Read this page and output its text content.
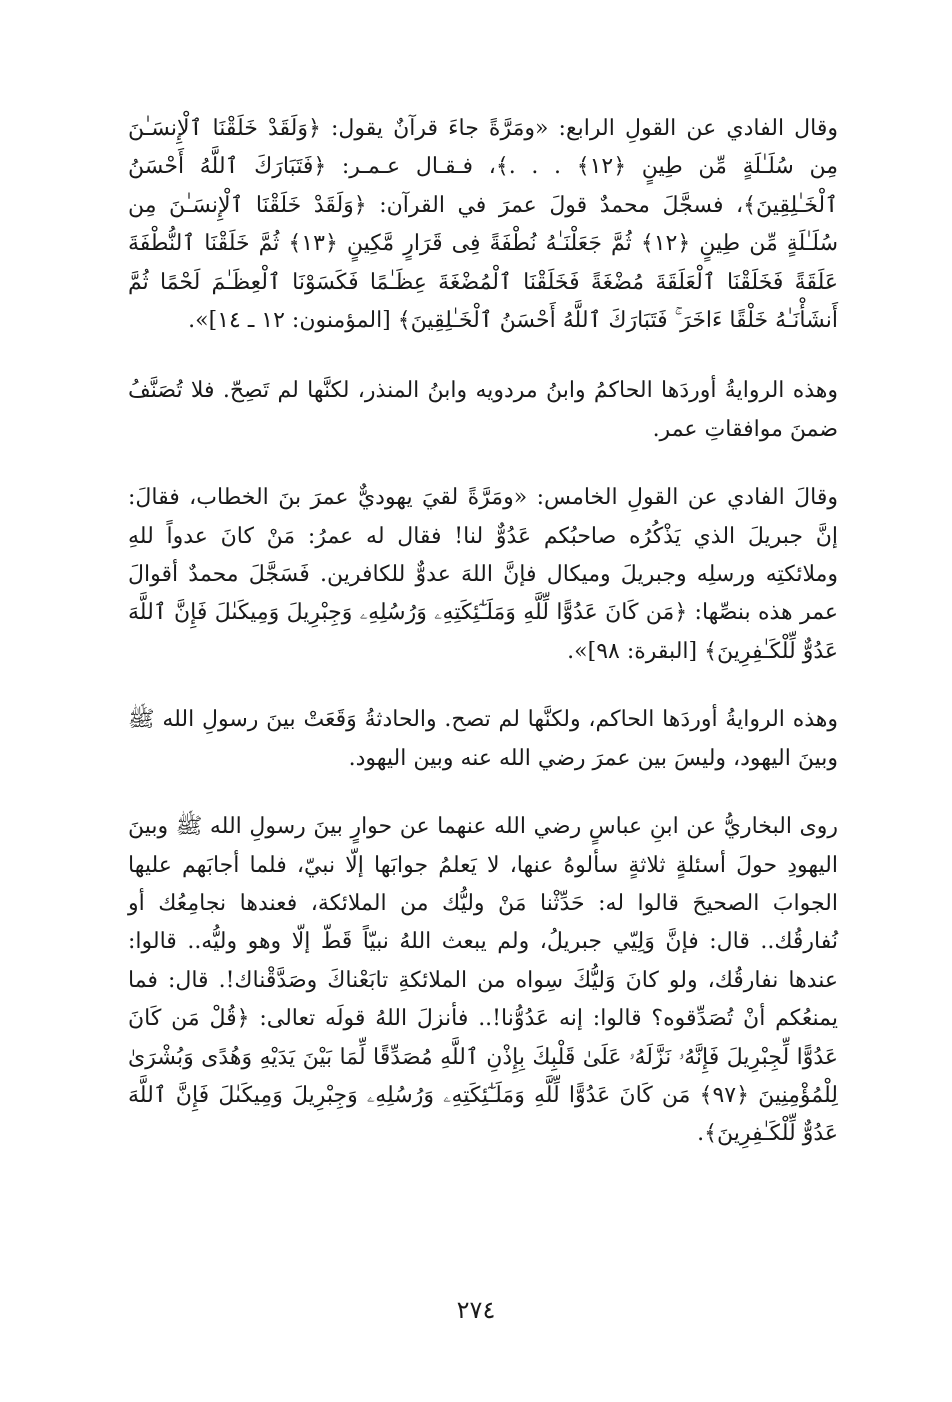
وقال الفادي عن القولِ الرابع: «ومَرَّةً جاءَ قرآنٌ يقول: ﴿وَلَقَدْ خَلَقْنَا ٱلْإِنسَـٰنَ مِن سُلَـٰلَةٍ مِّن طِينٍ ﴿١٢﴾ . . .﴾، فـقـال عـمـر: ﴿فَتَبَارَكَ ٱللَّهُ أَحْسَنُ ٱلْخَـٰلِقِينَ﴾، فسجَّلَ محمدٌ قولَ عمرَ في القرآن: ﴿وَلَقَدْ خَلَقْنَا ٱلْإِنسَـٰنَ مِن سُلَـٰلَةٍ مِّن طِينٍ ﴿١٢﴾ ثُمَّ جَعَلْنَـٰهُ نُطْفَةً فِى قَرَارٍ مَّكِينٍ ﴿١٣﴾ ثُمَّ خَلَقْنَا ٱلنُّطْفَةَ عَلَقَةً فَخَلَقْنَا ٱلْعَلَقَةَ مُضْغَةً فَخَلَقْنَا ٱلْمُضْغَةَ عِظَـٰمًا فَكَسَوْنَا ٱلْعِظَـٰمَ لَحْمًا ثُمَّ أَنشَأْنَـٰهُ خَلْقًا ءَاخَرَ ۚ فَتَبَارَكَ ٱللَّهُ أَحْسَنُ ٱلْخَـٰلِقِينَ﴾ [المؤمنون: ١٢ ـ ١٤]».

وهذه الروايةُ أوردَها الحاكمُ وابنُ مردويه وابنُ المنذر، لكنَّها لم تَصِحّ. فلا تُصَنَّفُ ضمنَ موافقاتِ عمر.

وقالَ الفادي عن القولِ الخامس: «ومَرَّةً لقيَ يهوديٌّ عمرَ بنَ الخطاب، فقالَ: إنَّ جبريلَ الذي يَذْكُرُه صاحبُكم عَدُوٌّ لنا! فقال له عمرُ: مَنْ كانَ عدواً للهِ وملائكتِه ورسلِه وجبريلَ وميكال فإنَّ اللهَ عدوٌّ للكافرين. فَسَجَّلَ محمدٌ أقوالَ عمر هذه بنصِّها: ﴿مَن كَانَ عَدُوًّا لِّلَّهِ وَمَلَـٰٓئِكَتِهِۦ وَرُسُلِهِۦ وَجِبْرِيلَ وَمِيكَىٰلَ فَإِنَّ ٱللَّهَ عَدُوٌّ لِّلْكَـٰفِرِينَ﴾ [البقرة: ٩٨]».

وهذه الروايةُ أوردَها الحاكم، ولكنَّها لم تصح. والحادثةُ وَقَعَتْ بينَ رسولِ الله ﷺ وبينَ اليهود، وليسَ بين عمرَ رضي الله عنه وبين اليهود.

روى البخاريُّ عن ابنِ عباسٍ رضي الله عنهما عن حوارٍ بينَ رسولِ الله ﷺ وبينَ اليهودِ حولَ أسئلةٍ ثلاثةٍ سألوهُ عنها، لا يَعلمُ جوابَها إلّا نبيّ، فلما أجابَهم عليها الجوابَ الصحيحَ قالوا له: حَدِّثْنا مَنْ وليُّك من الملائكة، فعندها نجامِعُك أو نُفارقُك.. قال: فإنَّ وَلِيّي جبريلُ، ولم يبعث اللهُ نبيّاً قَطّ إلّا وهو وليُّه.. قالوا: عندها نفارقُك، ولو كانَ وَليُّكَ سِواه من الملائكةِ تابَعْناكَ وصَدَّقْناك!. قال: فما يمنعُكم أنْ تُصَدِّقوه؟ قالوا: إنه عَدُوُّنا!.. فأنزلَ اللهُ قولَه تعالى: ﴿قُلْ مَن كَانَ عَدُوًّا لِّجِبْرِيلَ فَإِنَّهُۥ نَزَّلَهُۥ عَلَىٰ قَلْبِكَ بِإِذْنِ ٱللَّهِ مُصَدِّقًا لِّمَا بَيْنَ يَدَيْهِ وَهُدًى وَبُشْرَىٰ لِلْمُؤْمِنِينَ ﴿٩٧﴾ مَن كَانَ عَدُوًّا لِّلَّهِ وَمَلَـٰٓئِكَتِهِۦ وَرُسُلِهِۦ وَجِبْرِيلَ وَمِيكَىٰلَ فَإِنَّ ٱللَّهَ عَدُوٌّ لِّلْكَـٰفِرِينَ﴾.

٢٧٤
